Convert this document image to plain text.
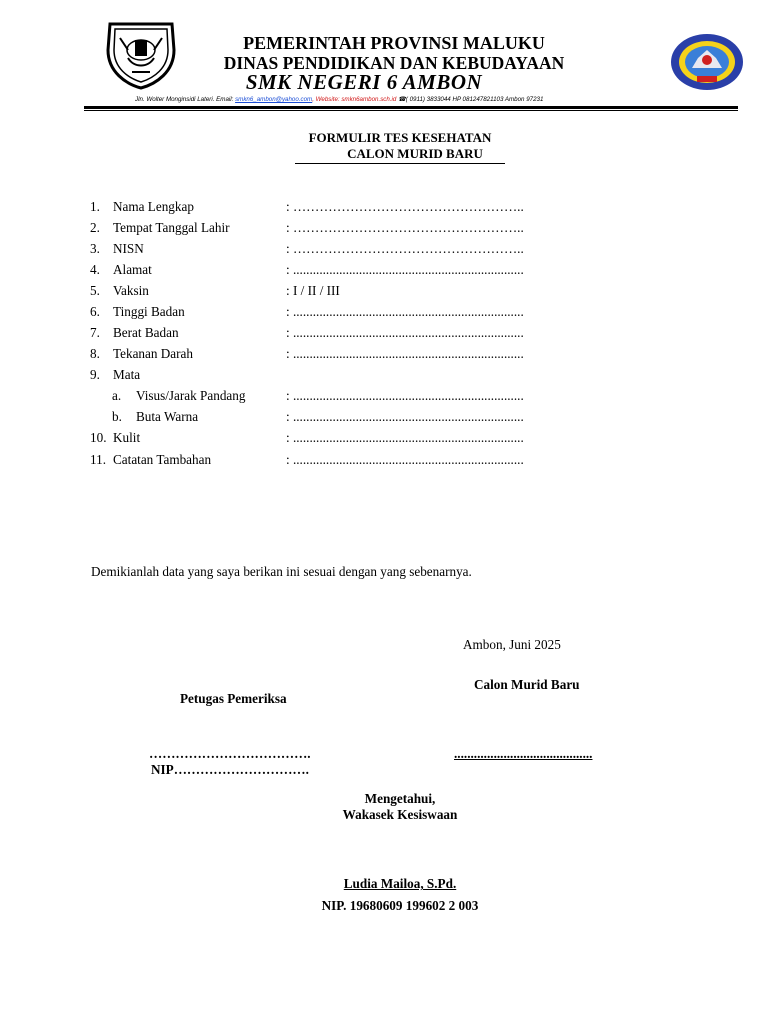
PEMERINTAH PROVINSI MALUKU
DINAS PENDIDIKAN DAN KEBUDAYAAN
SMK NEGERI 6 AMBON
Jln. Wolter Monginsidi Lateri. Email: smkn6_ambon@yahoo.com, Website: smkn6ambon.sch.id ☎( 0911) 3833044 HP 081247821103 Ambon 97231
FORMULIR TES KESEHATAN
CALON MURID BARU
1. Nama Lengkap	: ……………………………………………..
2. Tempat Tanggal Lahir	: ……………………………………………..
3. NISN	: ……………………………………………..
4. Alamat	: ......................................................................
5. Vaksin	: I / II / III
6. Tinggi Badan	: ......................................................................
7. Berat Badan	: ......................................................................
8. Tekanan Darah	: ......................................................................
9. Mata
a. Visus/Jarak Pandang	: ......................................................................
b. Buta Warna	: ......................................................................
10. Kulit	: ......................................................................
11. Catatan Tambahan	: ......................................................................
Demikianlah data yang saya berikan ini sesuai dengan yang sebenarnya.
Ambon, Juni 2025
Calon Murid Baru
Petugas Pemeriksa
……………………………….	..........................................
NIP………………………….
Mengetahui,
Wakasek Kesiswaan
Ludia Mailoa, S.Pd.
NIP. 19680609 199602 2 003
